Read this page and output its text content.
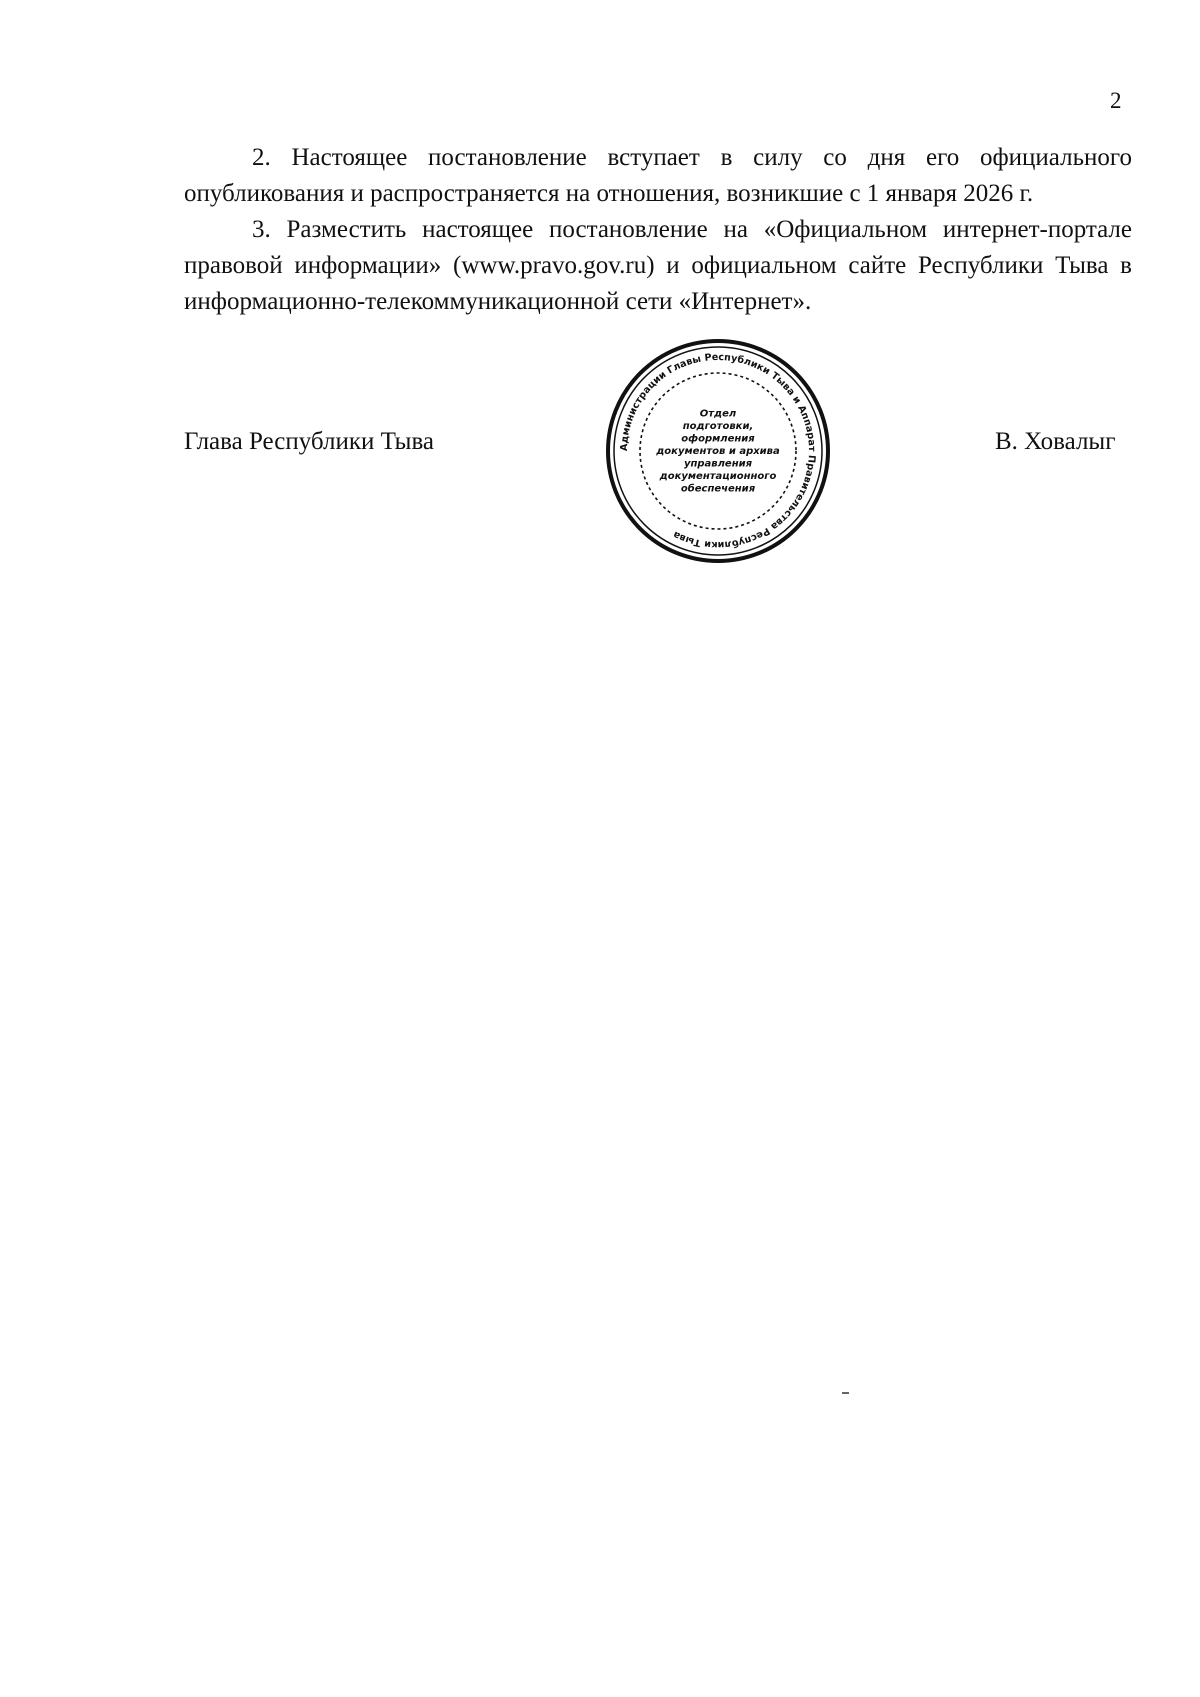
2

2. Настоящее постановление вступает в силу со дня его официального опубликования и распространяется на отношения, возникшие с 1 января 2026 г.

3. Разместить настоящее постановление на «Официальном интернет-портале правовой информации» (www.pravo.gov.ru) и официальном сайте Республики Тыва в информационно-телекоммуникационной сети «Интернет».

Глава Республики Тыва	Администрации Главы Республики Тыва и Аппарат Правительства Республики Тыва
Отдел
подготовки,
оформления
документов и архива
управления
документационного
обеспечения
В. Ховалыг
